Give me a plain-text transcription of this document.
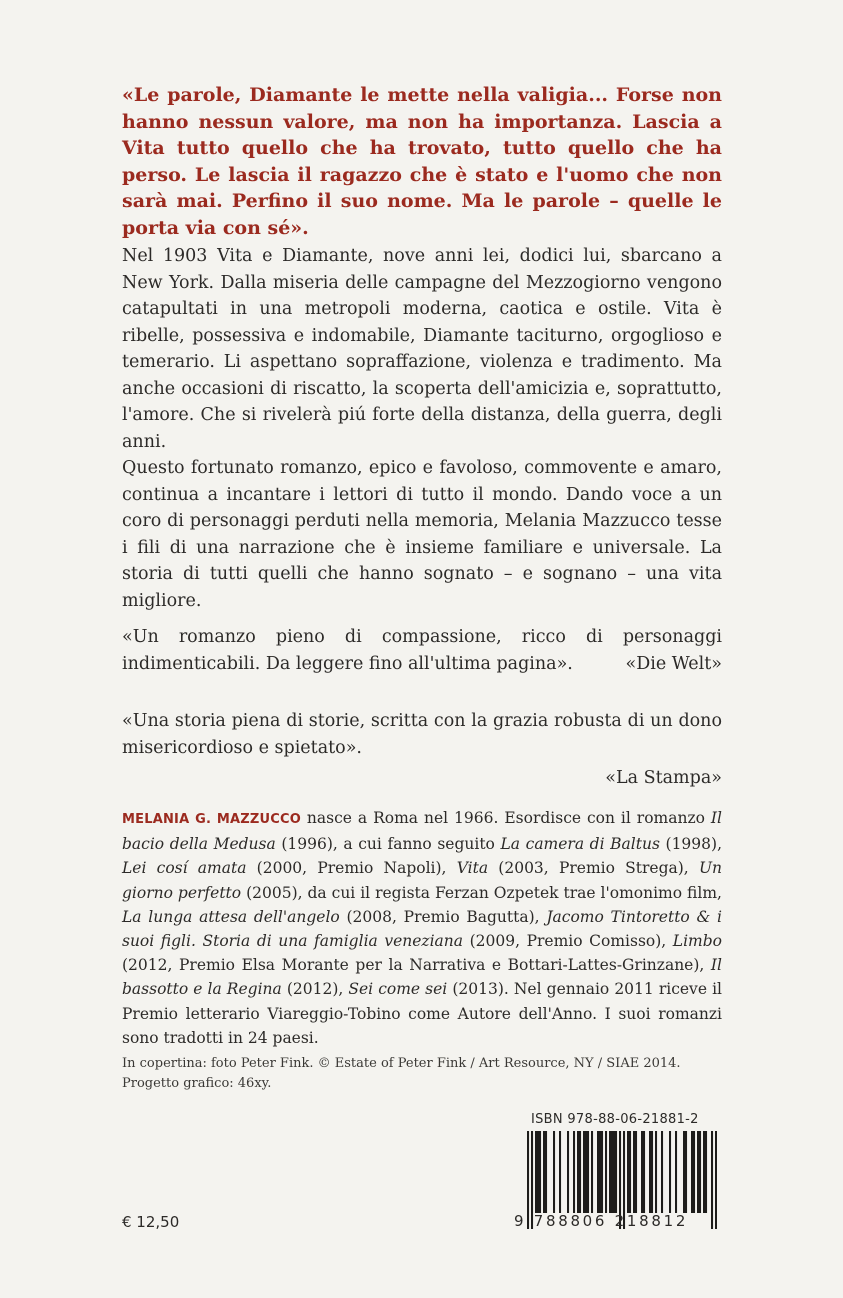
«Le parole, Diamante le mette nella valigia... Forse non hanno nessun valore, ma non ha importanza. Lascia a Vita tutto quello che ha trovato, tutto quello che ha perso. Le lascia il ragazzo che è stato e l'uomo che non sarà mai. Perfino il suo nome. Ma le parole – quelle le porta via con sé».

Nel 1903 Vita e Diamante, nove anni lei, dodici lui, sbarcano a New York. Dalla miseria delle campagne del Mezzogiorno vengono catapultati in una metropoli moderna, caotica e ostile. Vita è ribelle, possessiva e indomabile, Diamante taciturno, orgoglioso e temerario. Li aspettano sopraffazione, violenza e tradimento. Ma anche occasioni di riscatto, la scoperta dell'amicizia e, soprattutto, l'amore. Che si rivelerà piú forte della distanza, della guerra, degli anni.

Questo fortunato romanzo, epico e favoloso, commovente e amaro, continua a incantare i lettori di tutto il mondo. Dando voce a un coro di personaggi perduti nella memoria, Melania Mazzucco tesse i fili di una narrazione che è insieme familiare e universale. La storia di tutti quelli che hanno sognato – e sognano – una vita migliore.

«Un romanzo pieno di compassione, ricco di personaggi indimenticabili. Da leggere fino all'ultima pagina».	«Die Welt»
«Una storia piena di storie, scritta con la grazia robusta di un dono misericordioso e spietato».
«La Stampa»

MELANIA G. MAZZUCCO nasce a Roma nel 1966. Esordisce con il romanzo Il bacio della Medusa (1996), a cui fanno seguito La camera di Baltus (1998), Lei cosí amata (2000, Premio Napoli), Vita (2003, Premio Strega), Un giorno perfetto (2005), da cui il regista Ferzan Ozpetek trae l'omonimo film, La lunga attesa dell'angelo (2008, Premio Bagutta), Jacomo Tintoretto & i suoi figli. Storia di una famiglia veneziana (2009, Premio Comisso), Limbo (2012, Premio Elsa Morante per la Narrativa e Bottari-Lattes-Grinzane), Il bassotto e la Regina (2012), Sei come sei (2013). Nel gennaio 2011 riceve il Premio letterario Viareggio-Tobino come Autore dell'Anno. I suoi romanzi sono tradotti in 24 paesi.

In copertina: foto Peter Fink. © Estate of Peter Fink / Art Resource, NY / SIAE 2014.
Progetto grafico: 46xy.
ISBN 978-88-06-21881-2
9 788806 218812
€ 12,50
